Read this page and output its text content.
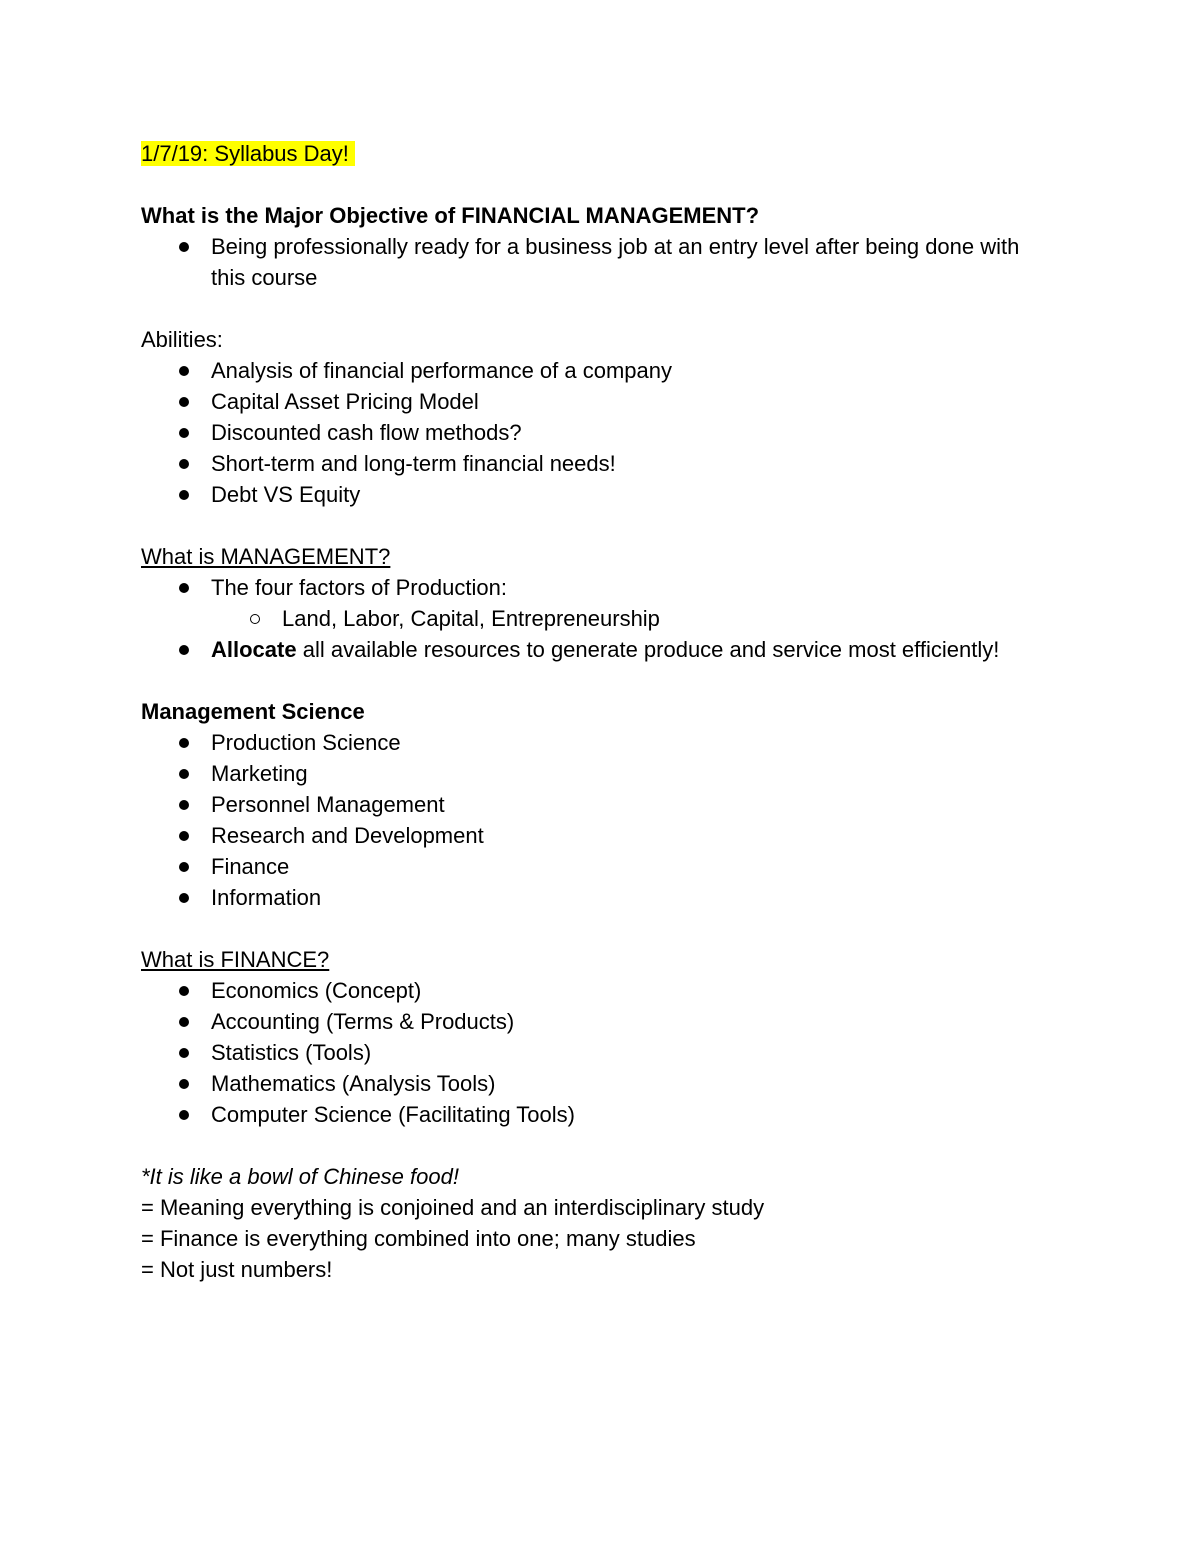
1/7/19: Syllabus Day!

What is the Major Objective of FINANCIAL MANAGEMENT?

Being professionally ready for a business job at an entry level after being done with this course

Abilities:

Analysis of financial performance of a company
Capital Asset Pricing Model
Discounted cash flow methods?
Short-term and long-term financial needs!
Debt VS Equity

What is MANAGEMENT?

The four factors of Production:
Land, Labor, Capital, Entrepreneurship
Allocate all available resources to generate produce and service most efficiently!

Management Science

Production Science
Marketing
Personnel Management
Research and Development
Finance
Information

What is FINANCE?

Economics (Concept)
Accounting (Terms & Products)
Statistics (Tools)
Mathematics (Analysis Tools)
Computer Science (Facilitating Tools)

*It is like a bowl of Chinese food!

= Meaning everything is conjoined and an interdisciplinary study

= Finance is everything combined into one; many studies

= Not just numbers!
